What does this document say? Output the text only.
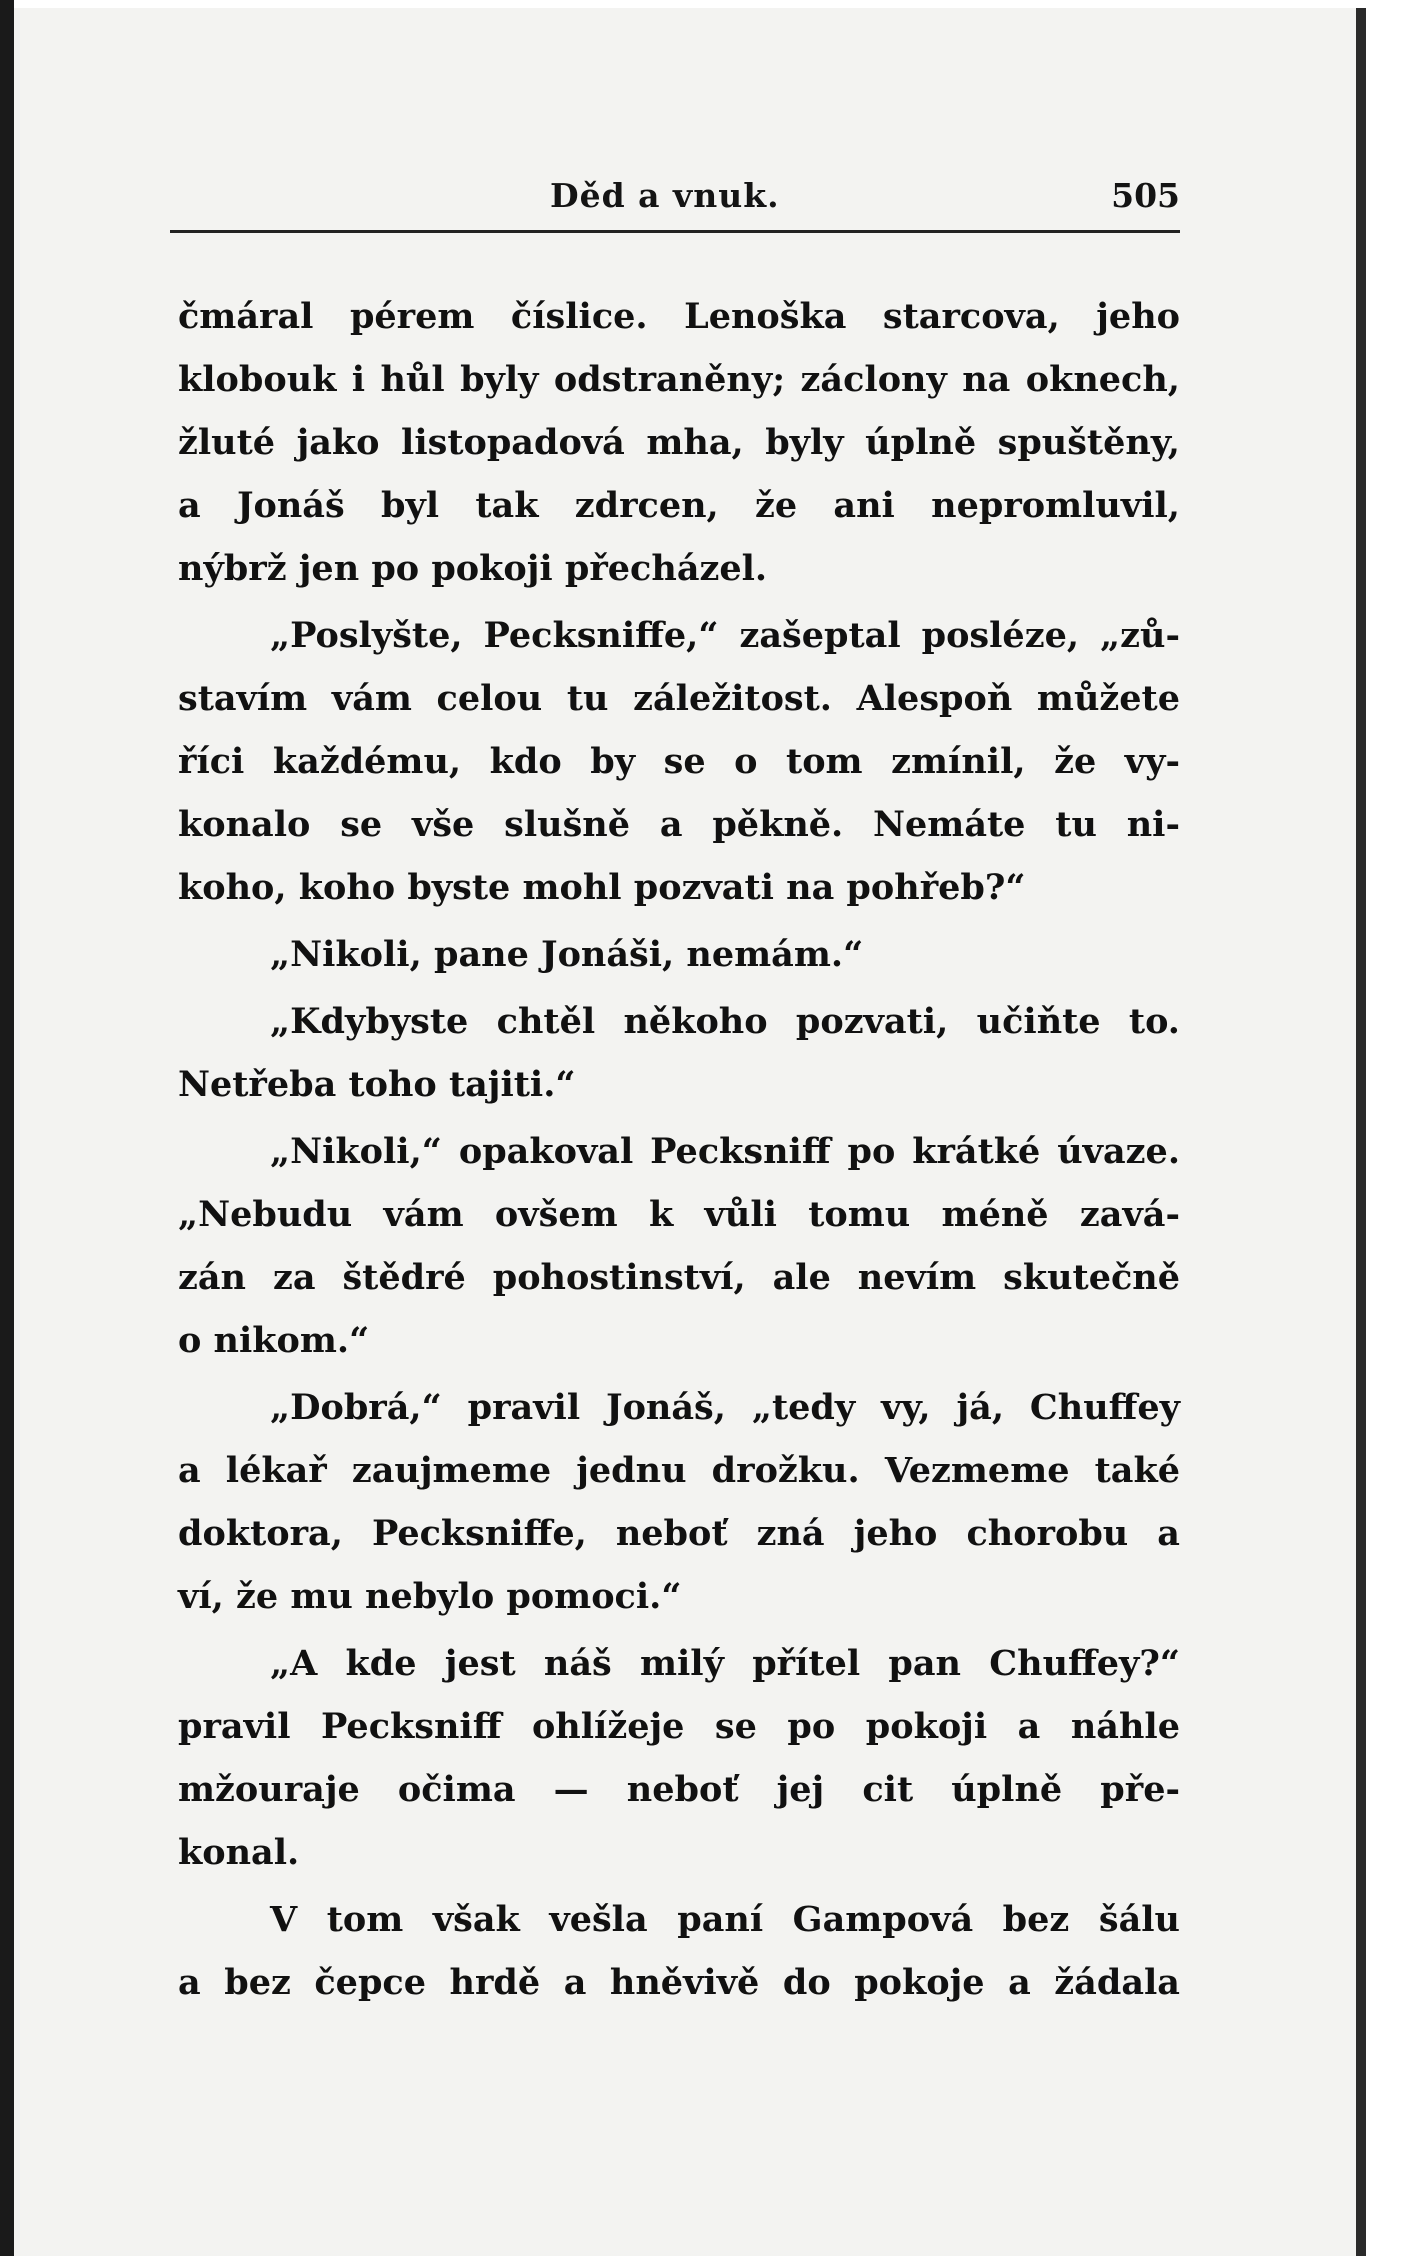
Děd a vnuk.	505
čmáral pérem číslice. Lenoška starcova, jeho
klobouk i hůl byly odstraněny; záclony na oknech,
žluté jako listopadová mha, byly úplně spuštěny,
a Jonáš byl tak zdrcen, že ani nepromluvil,
nýbrž jen po pokoji přecházel.
„Poslyšte, Pecksniffe,“ zašeptal posléze, „zů-
stavím vám celou tu záležitost. Alespoň můžete
říci každému, kdo by se o tom zmínil, že vy-
konalo se vše slušně a pěkně. Nemáte tu ni-
koho, koho byste mohl pozvati na pohřeb?“
„Nikoli, pane Jonáši, nemám.“
„Kdybyste chtěl někoho pozvati, učiňte to.
Netřeba toho tajiti.“
„Nikoli,“ opakoval Pecksniff po krátké úvaze.
„Nebudu vám ovšem k vůli tomu méně zavá-
zán za štědré pohostinství, ale nevím skutečně
o nikom.“
„Dobrá,“ pravil Jonáš, „tedy vy, já, Chuffey
a lékař zaujmeme jednu drožku. Vezmeme také
doktora, Pecksniffe, neboť zná jeho chorobu a
ví, že mu nebylo pomoci.“
„A kde jest náš milý přítel pan Chuffey?“
pravil Pecksniff ohlížeje se po pokoji a náhle
mžouraje očima — neboť jej cit úplně pře-
konal.
V tom však vešla paní Gampová bez šálu
a bez čepce hrdě a hněvivě do pokoje a žádala
